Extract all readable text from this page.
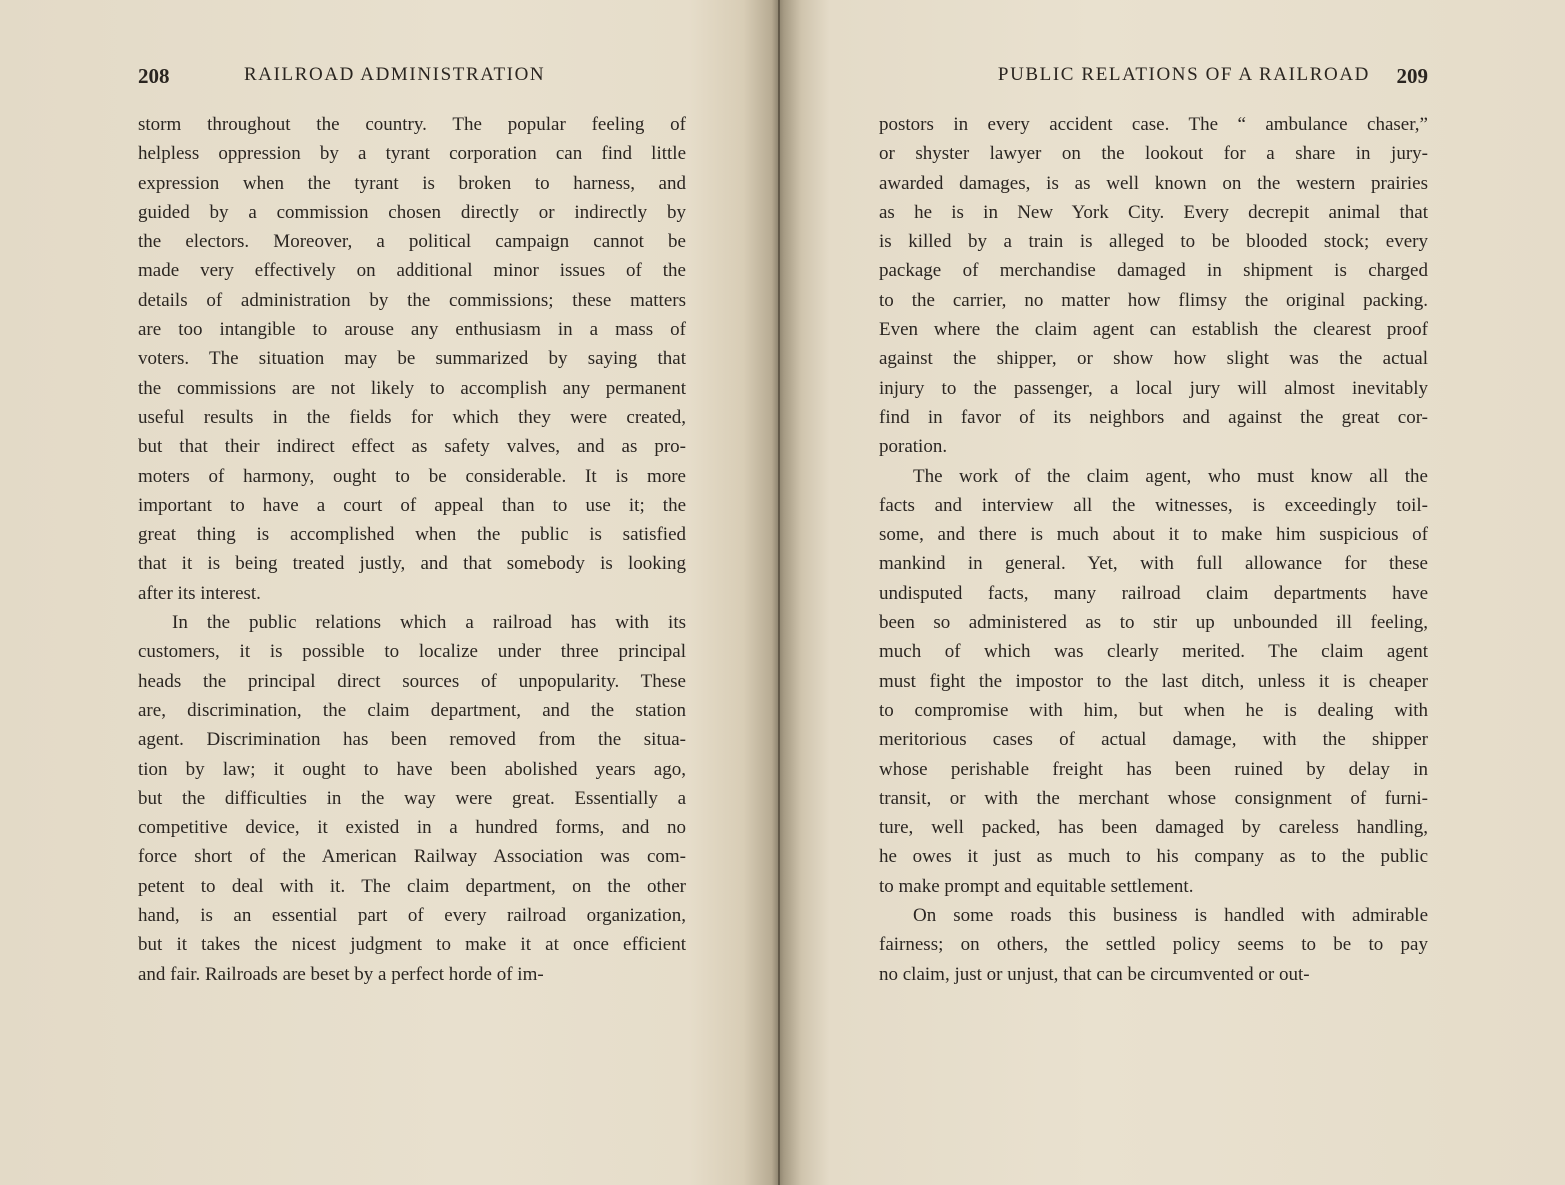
208	RAILROAD ADMINISTRATION

storm throughout the country. The popular feeling of
helpless oppression by a tyrant corporation can find little
expression when the tyrant is broken to harness, and
guided by a commission chosen directly or indirectly by
the electors. Moreover, a political campaign cannot be
made very effectively on additional minor issues of the
details of administration by the commissions; these matters
are too intangible to arouse any enthusiasm in a mass of
voters. The situation may be summarized by saying that
the commissions are not likely to accomplish any permanent
useful results in the fields for which they were created,
but that their indirect effect as safety valves, and as pro-
moters of harmony, ought to be considerable. It is more
important to have a court of appeal than to use it; the
great thing is accomplished when the public is satisfied
that it is being treated justly, and that somebody is looking
after its interest.

In the public relations which a railroad has with its
customers, it is possible to localize under three principal
heads the principal direct sources of unpopularity. These
are, discrimination, the claim department, and the station
agent. Discrimination has been removed from the situa-
tion by law; it ought to have been abolished years ago,
but the difficulties in the way were great. Essentially a
competitive device, it existed in a hundred forms, and no
force short of the American Railway Association was com-
petent to deal with it. The claim department, on the other
hand, is an essential part of every railroad organization,
but it takes the nicest judgment to make it at once efficient
and fair. Railroads are beset by a perfect horde of im-

PUBLIC RELATIONS OF A RAILROAD 209

postors in every accident case. The “ ambulance chaser,”
or shyster lawyer on the lookout for a share in jury-
awarded damages, is as well known on the western prairies
as he is in New York City. Every decrepit animal that
is killed by a train is alleged to be blooded stock; every
package of merchandise damaged in shipment is charged
to the carrier, no matter how flimsy the original packing.
Even where the claim agent can establish the clearest proof
against the shipper, or show how slight was the actual
injury to the passenger, a local jury will almost inevitably
find in favor of its neighbors and against the great cor-
poration.

The work of the claim agent, who must know all the
facts and interview all the witnesses, is exceedingly toil-
some, and there is much about it to make him suspicious of
mankind in general. Yet, with full allowance for these
undisputed facts, many railroad claim departments have
been so administered as to stir up unbounded ill feeling,
much of which was clearly merited. The claim agent
must fight the impostor to the last ditch, unless it is cheaper
to compromise with him, but when he is dealing with
meritorious cases of actual damage, with the shipper
whose perishable freight has been ruined by delay in
transit, or with the merchant whose consignment of furni-
ture, well packed, has been damaged by careless handling,
he owes it just as much to his company as to the public
to make prompt and equitable settlement.

On some roads this business is handled with admirable
fairness; on others, the settled policy seems to be to pay
no claim, just or unjust, that can be circumvented or out-
